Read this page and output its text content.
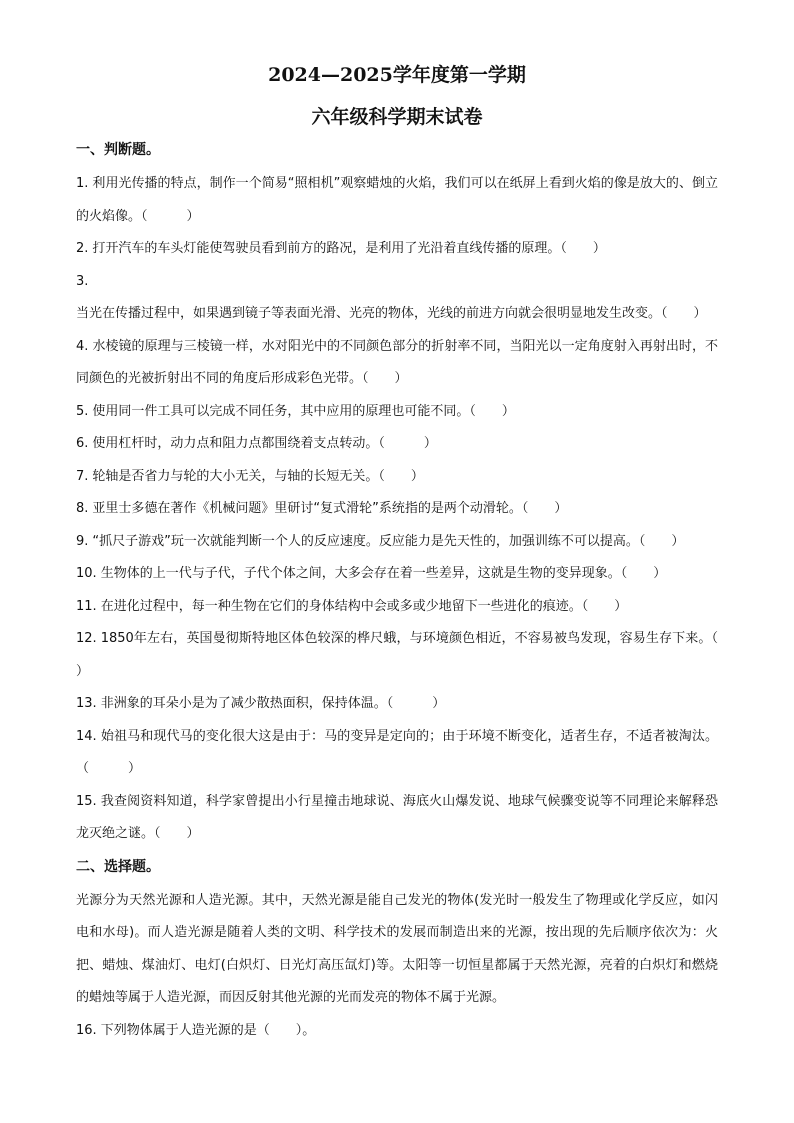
2024—2025学年度第一学期
六年级科学期末试卷
一、判断题。

1. 利用光传播的特点，制作一个简易“照相机”观察蜡烛的火焰，我们可以在纸屏上看到火焰的像是放大的、倒立的火焰像。（　　　）

2. 打开汽车的车头灯能使驾驶员看到前方的路况，是利用了光沿着直线传播的原理。（　　）

3.当光在传播过程中，如果遇到镜子等表面光滑、光亮的物体，光线的前进方向就会很明显地发生改变。（　　）

4. 水棱镜的原理与三棱镜一样，水对阳光中的不同颜色部分的折射率不同，当阳光以一定角度射入再射出时，不同颜色的光被折射出不同的角度后形成彩色光带。（　　）

5. 使用同一件工具可以完成不同任务，其中应用的原理也可能不同。（　　）

6. 使用杠杆时，动力点和阻力点都围绕着支点转动。（　　　）

7. 轮轴是否省力与轮的大小无关，与轴的长短无关。（　　）

8. 亚里士多德在著作《机械问题》里研讨“复式滑轮”系统指的是两个动滑轮。（　　）

9. “抓尺子游戏”玩一次就能判断一个人的反应速度。反应能力是先天性的，加强训练不可以提高。（　　）

10. 生物体的上一代与子代，子代个体之间，大多会存在着一些差异，这就是生物的变异现象。（　　）

11. 在进化过程中，每一种生物在它们的身体结构中会或多或少地留下一些进化的痕迹。（　　）

12. 1850年左右，英国曼彻斯特地区体色较深的桦尺蛾，与环境颜色相近，不容易被鸟发现，容易生存下来。（　　）

13. 非洲象的耳朵小是为了减少散热面积，保持体温。（　　　）

14. 始祖马和现代马的变化很大这是由于：马的变异是定向的；由于环境不断变化，适者生存，不适者被淘汰。（　　　）

15. 我查阅资料知道，科学家曾提出小行星撞击地球说、海底火山爆发说、地球气候骤变说等不同理论来解释恐龙灭绝之谜。（　　）

二、选择题。

光源分为天然光源和人造光源。其中，天然光源是能自己发光的物体(发光时一般发生了物理或化学反应，如闪电和水母)。而人造光源是随着人类的文明、科学技术的发展而制造出来的光源，按出现的先后顺序依次为：火把、蜡烛、煤油灯、电灯(白炽灯、日光灯高压氙灯)等。太阳等一切恒星都属于天然光源，亮着的白炽灯和燃烧的蜡烛等属于人造光源，而因反射其他光源的光而发亮的物体不属于光源。

16. 下列物体属于人造光源的是（　　）。
